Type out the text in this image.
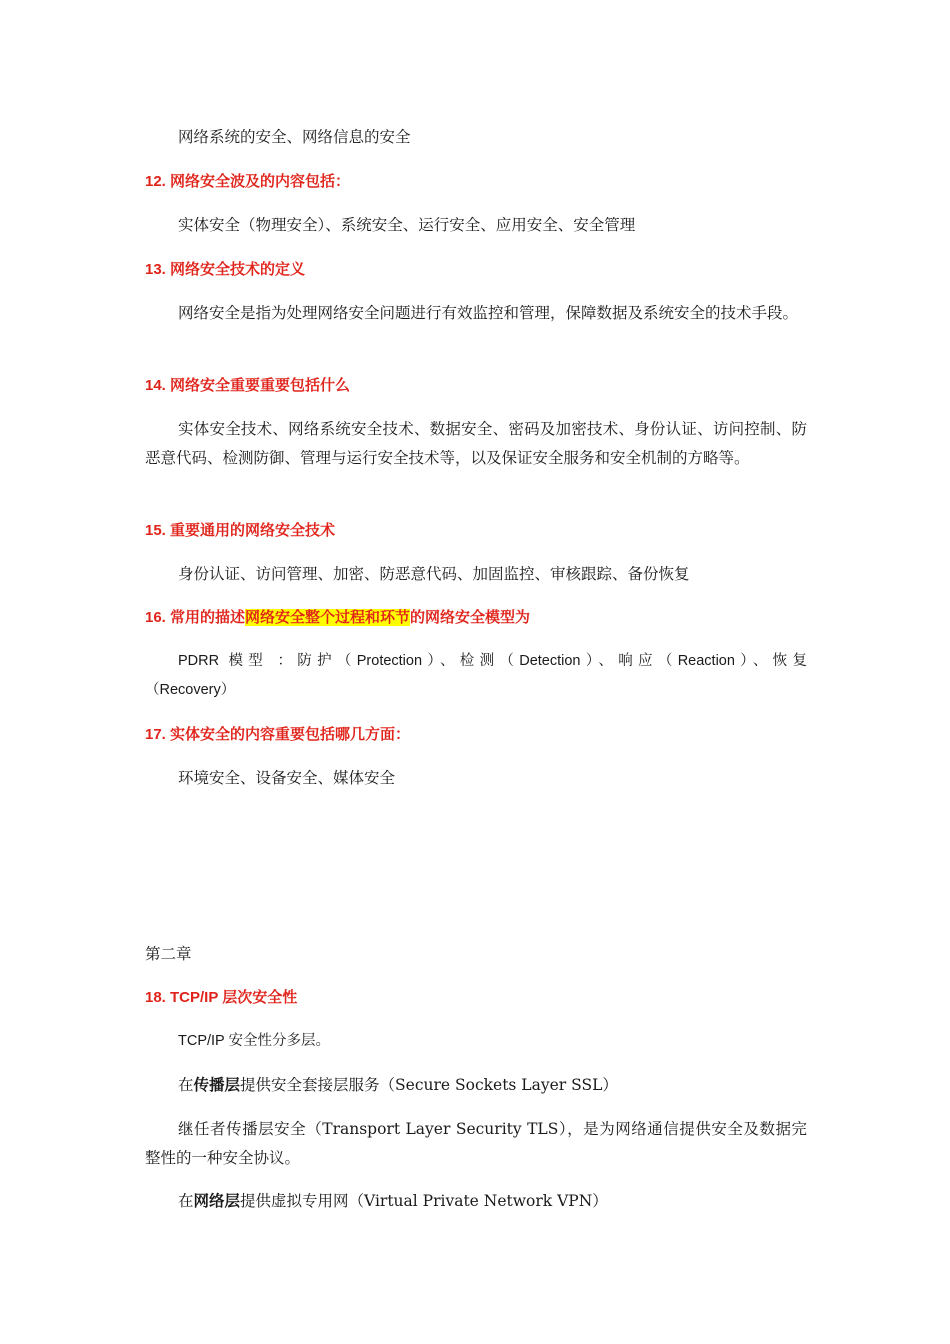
网络系统的安全、网络信息的安全

12. 网络安全波及的内容包括：

实体安全（物理安全）、系统安全、运行安全、应用安全、安全管理

13. 网络安全技术的定义

网络安全是指为处理网络安全问题进行有效监控和管理，保障数据及系统安全的技术手段。

14. 网络安全重要重要包括什么

实体安全技术、网络系统安全技术、数据安全、密码及加密技术、身份认证、访问控制、防恶意代码、检测防御、管理与运行安全技术等，以及保证安全服务和安全机制的方略等。

15. 重要通用的网络安全技术

身份认证、访问管理、加密、防恶意代码、加固监控、审核跟踪、备份恢复

16. 常用的描述网络安全整个过程和环节的网络安全模型为

PDRR 模型 ：防护（Protection）、检测（Detection）、响应（Reaction）、恢复

（Recovery）

17. 实体安全的内容重要包括哪几方面：

环境安全、设备安全、媒体安全

第二章

18. TCP/IP 层次安全性

TCP/IP 安全性分多层。

在传播层提供安全套接层服务（Secure Sockets Layer SSL）

继任者传播层安全（Transport Layer Security TLS），是为网络通信提供安全及数据完整性的一种安全协议。

在网络层提供虚拟专用网（Virtual Private Network VPN）
